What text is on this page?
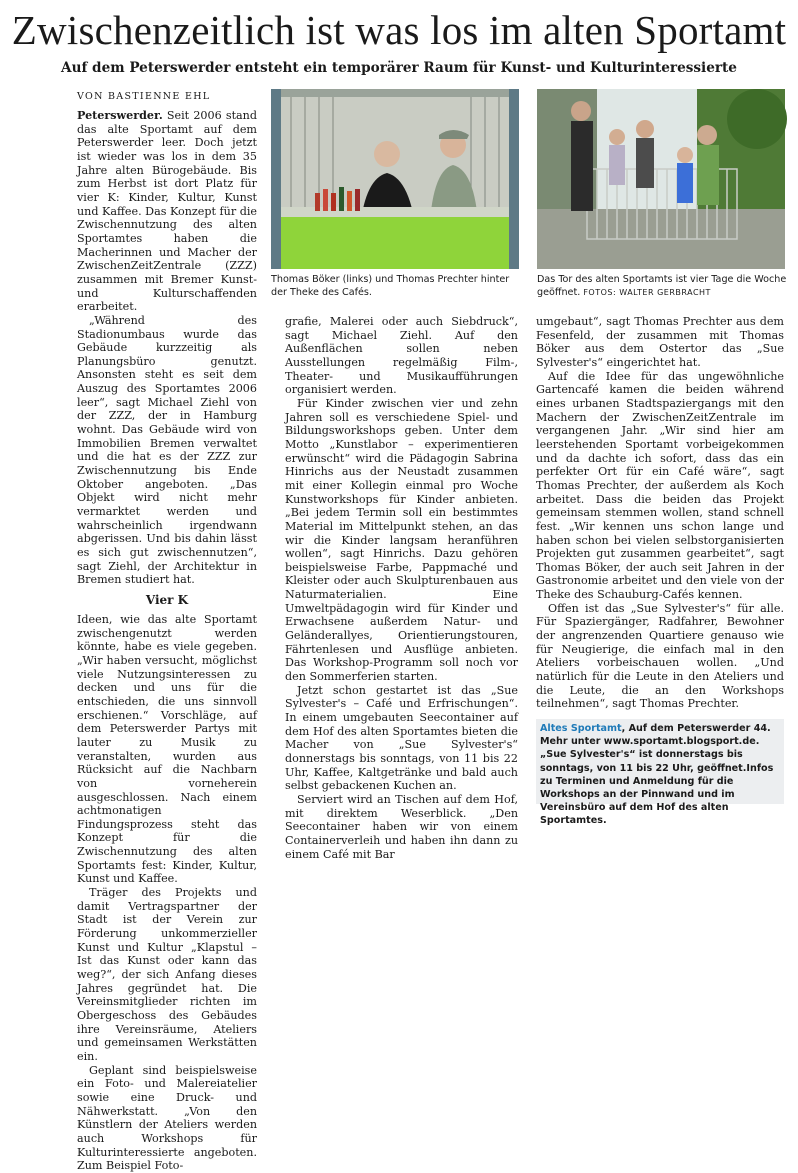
Zwischenzeitlich ist was los im alten Sportamt
Auf dem Peterswerder entsteht ein temporärer Raum für Kunst- und Kulturinteressierte
VON BASTIENNE EHL

Peterswerder. Seit 2006 stand das alte Sportamt auf dem Peterswerder leer. Doch jetzt ist wieder was los in dem 35 Jahre alten Bürogebäude. Bis zum Herbst ist dort Platz für vier K: Kinder, Kultur, Kunst und Kaffee. Das Konzept für die Zwischennutzung des alten Sportamtes haben die Macherinnen und Macher der ZwischenZeitZentrale (ZZZ) zusammen mit Bremer Kunst- und Kulturschaffenden erarbeitet.

„Während des Stadionumbaus wurde das Gebäude kurzzeitig als Planungsbüro genutzt. Ansonsten steht es seit dem Auszug des Sportamtes 2006 leer“, sagt Michael Ziehl von der ZZZ, der in Hamburg wohnt. Das Gebäude wird von Immobilien Bremen verwaltet und die hat es der ZZZ zur Zwischennutzung bis Ende Oktober angeboten. „Das Objekt wird nicht mehr vermarktet werden und wahrscheinlich irgendwann abgerissen. Und bis dahin lässt es sich gut zwischennutzen“, sagt Ziehl, der Architektur in Bremen studiert hat.

Vier K

Ideen, wie das alte Sportamt zwischengenutzt werden könnte, habe es viele gegeben. „Wir haben versucht, möglichst viele Nutzungsinteressen zu decken und uns für die entschieden, die uns sinnvoll erschienen.“ Vorschläge, auf dem Peterswerder Partys mit lauter zu Musik zu veranstalten, wurden aus Rücksicht auf die Nachbarn von vorneherein ausgeschlossen. Nach einem achtmonatigen Findungsprozess steht das Konzept für die Zwischennutzung des alten Sportamts fest: Kinder, Kultur, Kunst und Kaffee.

Träger des Projekts und damit Vertragspartner der Stadt ist der Verein zur Förderung unkommerzieller Kunst und Kultur „Klapstul – Ist das Kunst oder kann das weg?“, der sich Anfang dieses Jahres gegründet hat. Die Vereinsmitglieder richten im Obergeschoss des Gebäudes ihre Vereinsräume, Ateliers und gemeinsamen Werkstätten ein.

Geplant sind beispielsweise ein Foto- und Malereiatelier sowie eine Druck- und Nähwerkstatt. „Von den Künstlern der Ateliers werden auch Workshops für Kulturinteressierte angeboten. Zum Beispiel Foto-

Thomas Böker (links) und Thomas Prechter hinter der Theke des Cafés.
Das Tor des alten Sportamts ist vier Tage die Woche geöffnet. FOTOS: WALTER GERBRACHT

grafie, Malerei oder auch Siebdruck“, sagt Michael Ziehl. Auf den Außenflächen sollen neben Ausstellungen regelmäßig Film-, Theater- und Musikaufführungen organisiert werden.

Für Kinder zwischen vier und zehn Jahren soll es verschiedene Spiel- und Bildungsworkshops geben. Unter dem Motto „Kunstlabor – experimentieren erwünscht“ wird die Pädagogin Sabrina Hinrichs aus der Neustadt zusammen mit einer Kollegin einmal pro Woche Kunstworkshops für Kinder anbieten. „Bei jedem Termin soll ein bestimmtes Material im Mittelpunkt stehen, an das wir die Kinder langsam heranführen wollen“, sagt Hinrichs. Dazu gehören beispielsweise Farbe, Pappmaché und Kleister oder auch Skulpturenbauen aus Naturmaterialien. Eine Umweltpädagogin wird für Kinder und Erwachsene außerdem Natur- und Geländerallyes, Orientierungstouren, Fährtenlesen und Ausflüge anbieten. Das Workshop-Programm soll noch vor den Sommerferien starten.

Jetzt schon gestartet ist das „Sue Sylvester's – Café und Erfrischungen“. In einem umgebauten Seecontainer auf dem Hof des alten Sportamtes bieten die Macher von „Sue Sylvester's“ donnerstags bis sonntags, von 11 bis 22 Uhr, Kaffee, Kaltgetränke und bald auch selbst gebackenen Kuchen an.

Serviert wird an Tischen auf dem Hof, mit direktem Weserblick. „Den Seecontainer haben wir von einem Containerverleih und haben ihn dann zu einem Café mit Bar

umgebaut“, sagt Thomas Prechter aus dem Fesenfeld, der zusammen mit Thomas Böker aus dem Ostertor das „Sue Sylvester's“ eingerichtet hat.

Auf die Idee für das ungewöhnliche Gartencafé kamen die beiden während eines urbanen Stadtspaziergangs mit den Machern der ZwischenZeitZentrale im vergangenen Jahr. „Wir sind hier am leerstehenden Sportamt vorbeigekommen und da dachte ich sofort, dass das ein perfekter Ort für ein Café wäre“, sagt Thomas Prechter, der außerdem als Koch arbeitet. Dass die beiden das Projekt gemeinsam stemmen wollen, stand schnell fest. „Wir kennen uns schon lange und haben schon bei vielen selbstorganisierten Projekten gut zusammen gearbeitet“, sagt Thomas Böker, der auch seit Jahren in der Gastronomie arbeitet und den viele von der Theke des Schauburg-Cafés kennen.

Offen ist das „Sue Sylvester's“ für alle. Für Spaziergänger, Radfahrer, Bewohner der angrenzenden Quartiere genauso wie für Neugierige, die einfach mal in den Ateliers vorbeischauen wollen. „Und natürlich für die Leute in den Ateliers und die Leute, die an den Workshops teilnehmen“, sagt Thomas Prechter.

Altes Sportamt, Auf dem Peterswerder 44. Mehr unter www.sportamt.blogsport.de. „Sue Sylvester's“ ist donnerstags bis sonntags, von 11 bis 22 Uhr, geöffnet.Infos zu Terminen und Anmeldung für die Workshops an der Pinnwand und im Vereinsbüro auf dem Hof des alten Sportamtes.
